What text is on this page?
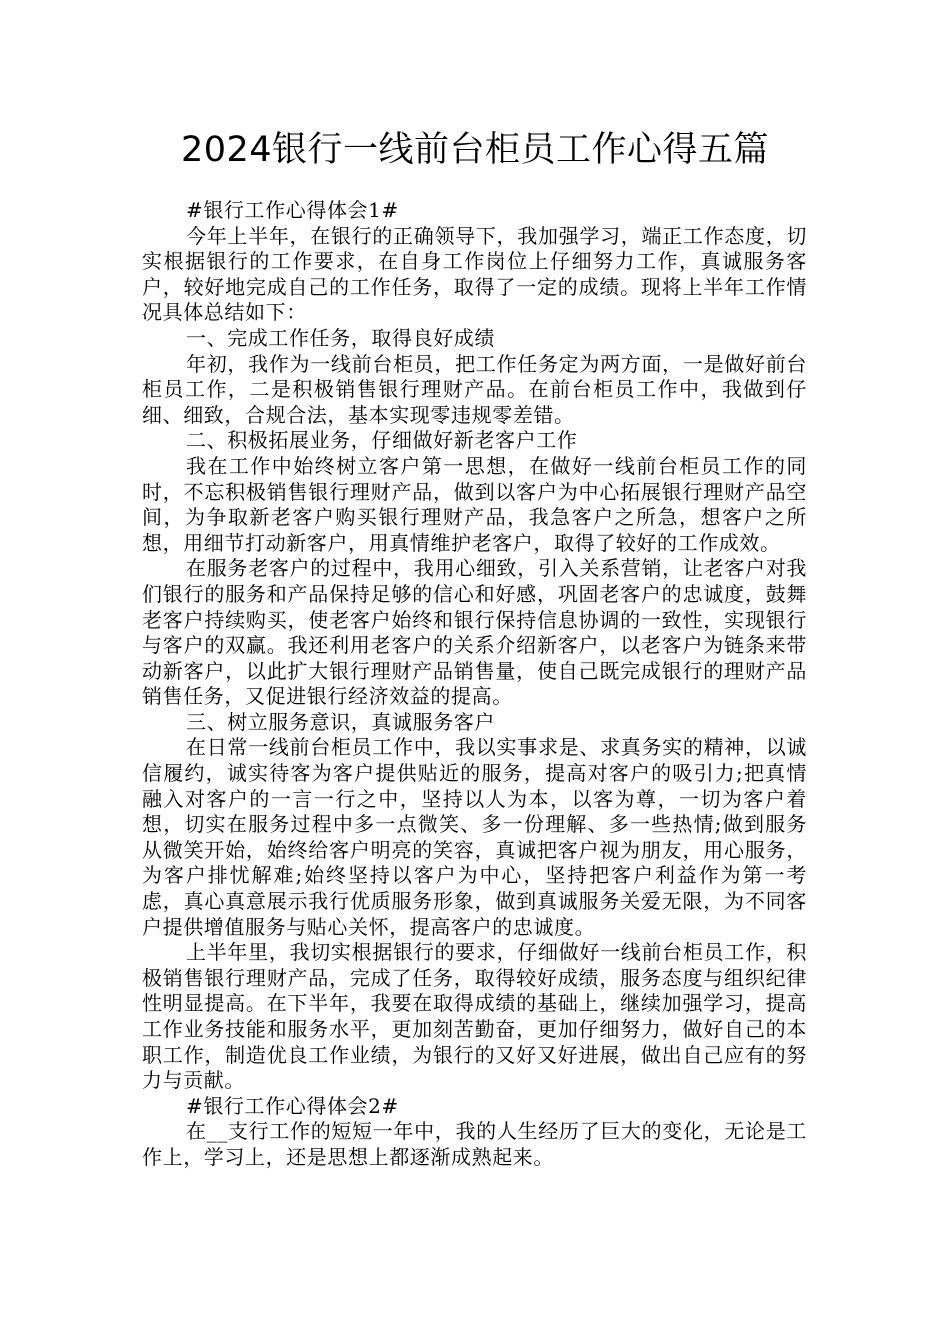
2024银行一线前台柜员工作心得五篇

#银行工作心得体会1#

今年上半年，在银行的正确领导下，我加强学习，端正工作态度，切实根据银行的工作要求，在自身工作岗位上仔细努力工作，真诚服务客户，较好地完成自己的工作任务，取得了一定的成绩。现将上半年工作情况具体总结如下：

一、完成工作任务，取得良好成绩

年初，我作为一线前台柜员，把工作任务定为两方面，一是做好前台柜员工作，二是积极销售银行理财产品。在前台柜员工作中，我做到仔细、细致，合规合法，基本实现零违规零差错。

二、积极拓展业务，仔细做好新老客户工作

我在工作中始终树立客户第一思想，在做好一线前台柜员工作的同时，不忘积极销售银行理财产品，做到以客户为中心拓展银行理财产品空间，为争取新老客户购买银行理财产品，我急客户之所急，想客户之所想，用细节打动新客户，用真情维护老客户，取得了较好的工作成效。

在服务老客户的过程中，我用心细致，引入关系营销，让老客户对我们银行的服务和产品保持足够的信心和好感，巩固老客户的忠诚度，鼓舞老客户持续购买，使老客户始终和银行保持信息协调的一致性，实现银行与客户的双赢。我还利用老客户的关系介绍新客户，以老客户为链条来带动新客户，以此扩大银行理财产品销售量，使自己既完成银行的理财产品销售任务，又促进银行经济效益的提高。

三、树立服务意识，真诚服务客户

在日常一线前台柜员工作中，我以实事求是、求真务实的精神，以诚信履约，诚实待客为客户提供贴近的服务，提高对客户的吸引力;把真情融入对客户的一言一行之中，坚持以人为本，以客为尊，一切为客户着想，切实在服务过程中多一点微笑、多一份理解、多一些热情;做到服务从微笑开始，始终给客户明亮的笑容，真诚把客户视为朋友，用心服务，为客户排忧解难;始终坚持以客户为中心，坚持把客户利益作为第一考虑，真心真意展示我行优质服务形象，做到真诚服务关爱无限，为不同客户提供增值服务与贴心关怀，提高客户的忠诚度。

上半年里，我切实根据银行的要求，仔细做好一线前台柜员工作，积极销售银行理财产品，完成了任务，取得较好成绩，服务态度与组织纪律性明显提高。在下半年，我要在取得成绩的基础上，继续加强学习，提高工作业务技能和服务水平，更加刻苦勤奋，更加仔细努力，做好自己的本职工作，制造优良工作业绩，为银行的又好又好进展，做出自己应有的努力与贡献。

#银行工作心得体会2#

在__支行工作的短短一年中，我的人生经历了巨大的变化，无论是工作上，学习上，还是思想上都逐渐成熟起来。
